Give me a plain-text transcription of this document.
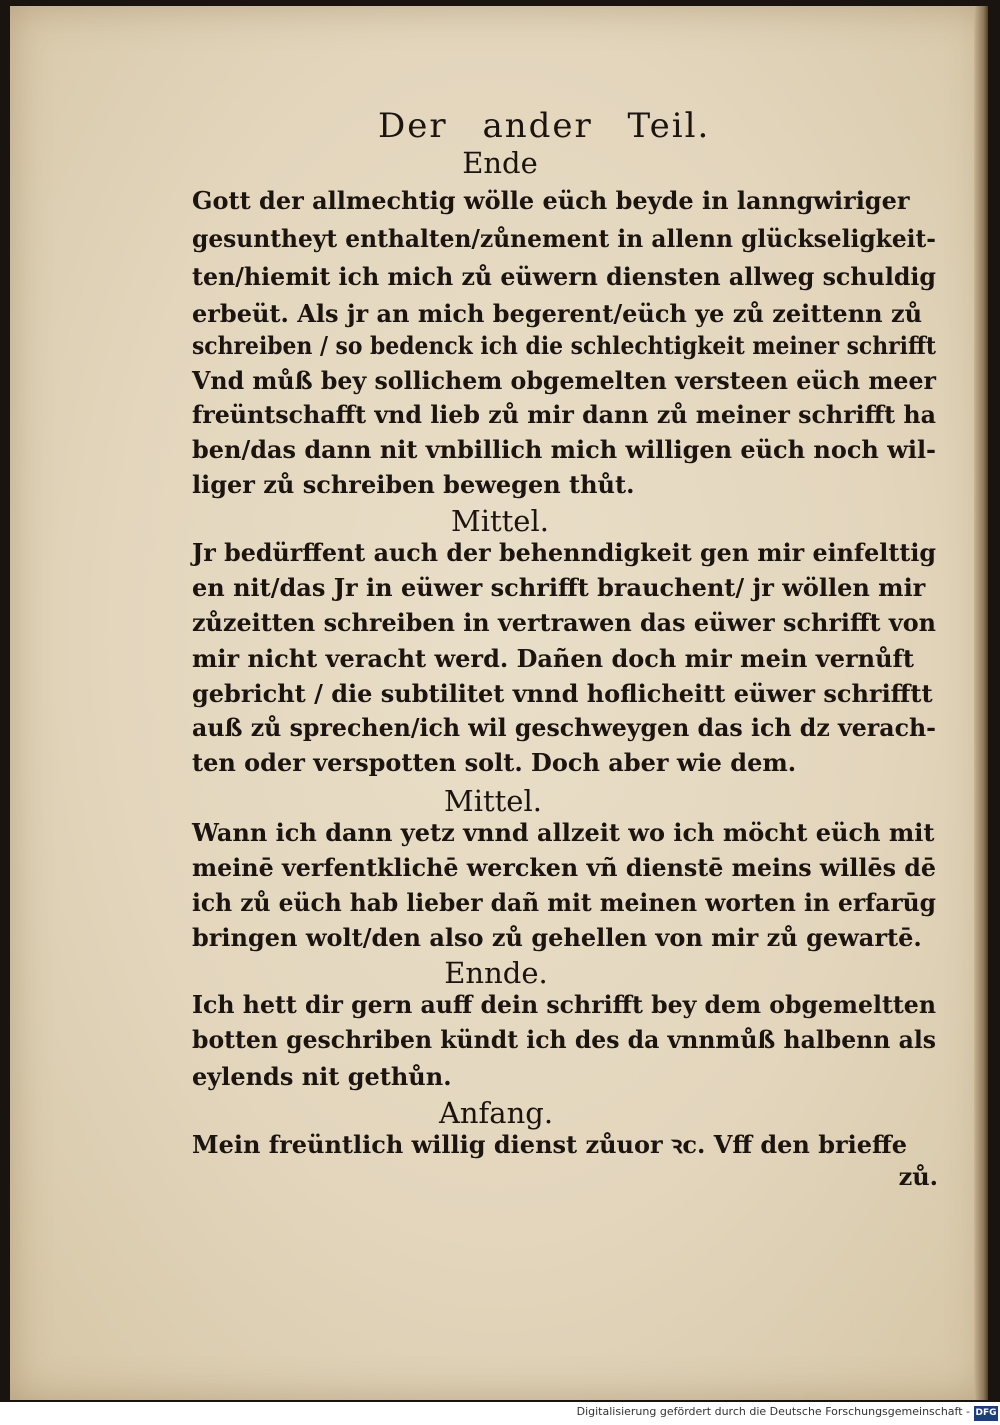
Der ander Teil.
Ende
Gott der allmechtig wölle eüch beyde in lanngwiriger
gesuntheyt enthalten/zůnement in allenn glückseligkeit-
ten/hiemit ich mich zů eüwern diensten allweg schuldig
erbeüt. Als jr an mich begerent/eüch ye zů zeittenn zů
schreiben / so bedenck ich die schlechtigkeit meiner schrifft
Vnd můß bey sollichem obgemelten versteen eüch meer
freüntschafft vnd lieb zů mir dann zů meiner schrifft ha
ben/das dann nit vnbillich mich willigen eüch noch wil-
liger zů schreiben bewegen thůt.
Mittel.
Jr bedürffent auch der behenndigkeit gen mir einfelttig
en nit/das Jr in eüwer schrifft brauchent/ jr wöllen mir
zůzeitten schreiben in vertrawen das eüwer schrifft von
mir nicht veracht werd. Dañen doch mir mein vernůft
gebricht / die subtilitet vnnd hoflicheitt eüwer schrifftt
auß zů sprechen/ich wil geschweygen das ich dz verach-
ten oder verspotten solt. Doch aber wie dem.
Mittel.
Wann ich dann yetz vnnd allzeit wo ich möcht eüch mit
meinē verfentklichē wercken vñ dienstē meins willēs dē
ich zů eüch hab lieber dañ mit meinen worten in erfarūg
bringen wolt/den also zů gehellen von mir zů gewartē.
Ennde.
Ich hett dir gern auff dein schrifft bey dem obgemeltten
botten geschriben kündt ich des da vnnmůß halbenn als
eylends nit gethůn.
Anfang.
Mein freüntlich willig dienst zůuor ꝛc. Vff den brieffe
zů.
Digitalisierung gefördert durch die Deutsche Forschungsgemeinschaft - DFG
